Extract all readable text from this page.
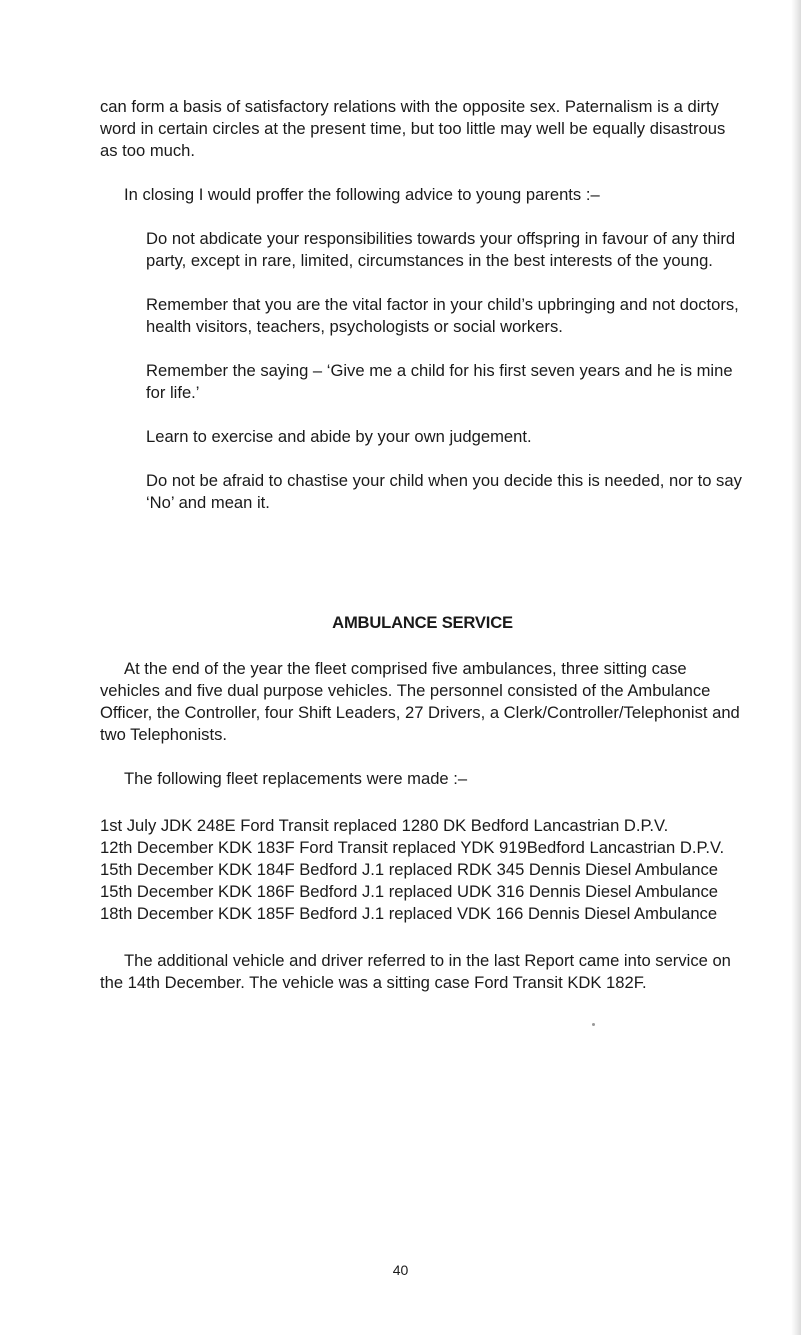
can form a basis of satisfactory relations with the opposite sex. Paternalism is a dirty word in certain circles at the present time, but too little may well be equally disastrous as too much.

In closing I would proffer the following advice to young parents :–

Do not abdicate your responsibilities towards your offspring in favour of any third party, except in rare, limited, circumstances in the best interests of the young.

Remember that you are the vital factor in your child’s upbringing and not doctors, health visitors, teachers, psychologists or social workers.

Remember the saying – ‘Give me a child for his first seven years and he is mine for life.’

Learn to exercise and abide by your own judgement.

Do not be afraid to chastise your child when you decide this is needed, nor to say ‘No’ and mean it.

AMBULANCE SERVICE

At the end of the year the fleet comprised five ambulances, three sitting case vehicles and five dual purpose vehicles. The personnel consisted of the Ambulance Officer, the Controller, four Shift Leaders, 27 Drivers, a Clerk/Controller/Telephonist and two Telephonists.

The following fleet replacements were made :–

1st July JDK 248E Ford Transit replaced 1280 DK Bedford Lancastrian D.P.V.
12th December KDK 183F Ford Transit replaced YDK 919Bedford Lancastrian D.P.V.
15th December KDK 184F Bedford J.1 replaced RDK 345 Dennis Diesel Ambulance
15th December KDK 186F Bedford J.1 replaced UDK 316 Dennis Diesel Ambulance
18th December KDK 185F Bedford J.1 replaced VDK 166 Dennis Diesel Ambulance

The additional vehicle and driver referred to in the last Report came into service on the 14th December. The vehicle was a sitting case Ford Transit KDK 182F.

40
